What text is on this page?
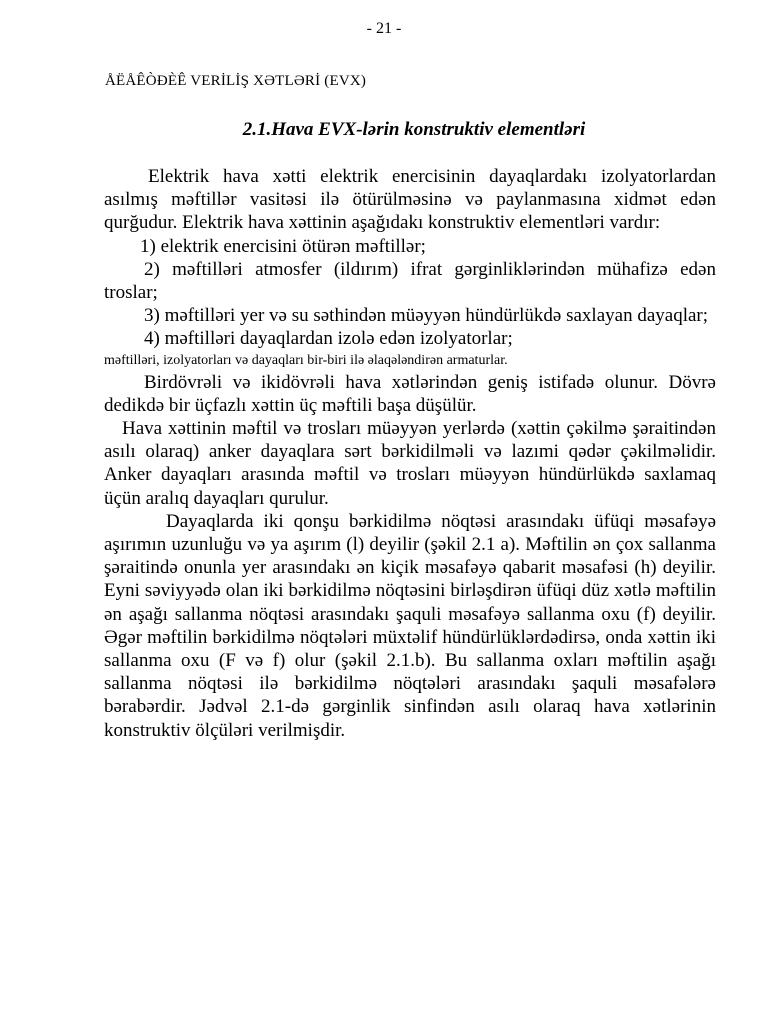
- 21 -
ÅËÅÊÒÐÈÊ VERİLİŞ XƏTLƏRİ (EVX)
2.1.Hava EVX-lərin konstruktiv elementləri

Elektrik hava xətti elektrik enercisinin dayaqlardakı izolyatorlardan asılmış məftillər vasitəsi ilə ötürülməsinə və paylanmasına xidmət edən qurğudur. Elektrik hava xəttinin aşağıdakı konstruktiv elementləri vardır:

1) elektrik enercisini ötürən məftillər;

2) məftilləri atmosfer (ildırım) ifrat gərginliklərindən mühafizə edən troslar;

3) məftilləri yer və su səthindən müəyyən hündürlükdə saxlayan dayaqlar;

4) məftilləri dayaqlardan izolə edən izolyatorlar;

məftilləri, izolyatorları və dayaqları bir-biri ilə əlaqələndirən armaturlar.

Birdövrəli və ikidövrəli hava xətlərindən geniş istifadə olunur. Dövrə dedikdə bir üçfazlı xəttin üç məftili başa düşülür.

Hava xəttinin məftil və trosları müəyyən yerlərdə (xəttin çəkilmə şəraitindən asılı olaraq) anker dayaqlara sərt bərkidilməli və lazımi qədər çəkilməlidir. Anker dayaqları arasında məftil və trosları müəyyən hündürlükdə saxlamaq üçün aralıq dayaqları qurulur.

Dayaqlarda iki qonşu bərkidilmə nöqtəsi arasındakı üfüqi məsafəyə aşırımın uzunluğu və ya aşırım (l) deyilir (şəkil 2.1 a). Məftilin ən çox sallanma şəraitində onunla yer arasındakı ən kiçik məsafəyə qabarit məsafəsi (h) deyilir. Eyni səviyyədə olan iki bərkidilmə nöqtəsini birləşdirən üfüqi düz xətlə məftilin ən aşağı sallanma nöqtəsi arasındakı şaquli məsafəyə sallanma oxu (f) deyilir. Əgər məftilin bərkidilmə nöqtələri müxtəlif hündürlüklərdədirsə, onda xəttin iki sallanma oxu (F və f) olur (şəkil 2.1.b). Bu sallanma oxları məftilin aşağı sallanma nöqtəsi ilə bərkidilmə nöqtələri arasındakı şaquli məsafələrə bərabərdir. Jədvəl 2.1-də gərginlik sinfindən asılı olaraq hava xətlərinin konstruktiv ölçüləri verilmişdir.
